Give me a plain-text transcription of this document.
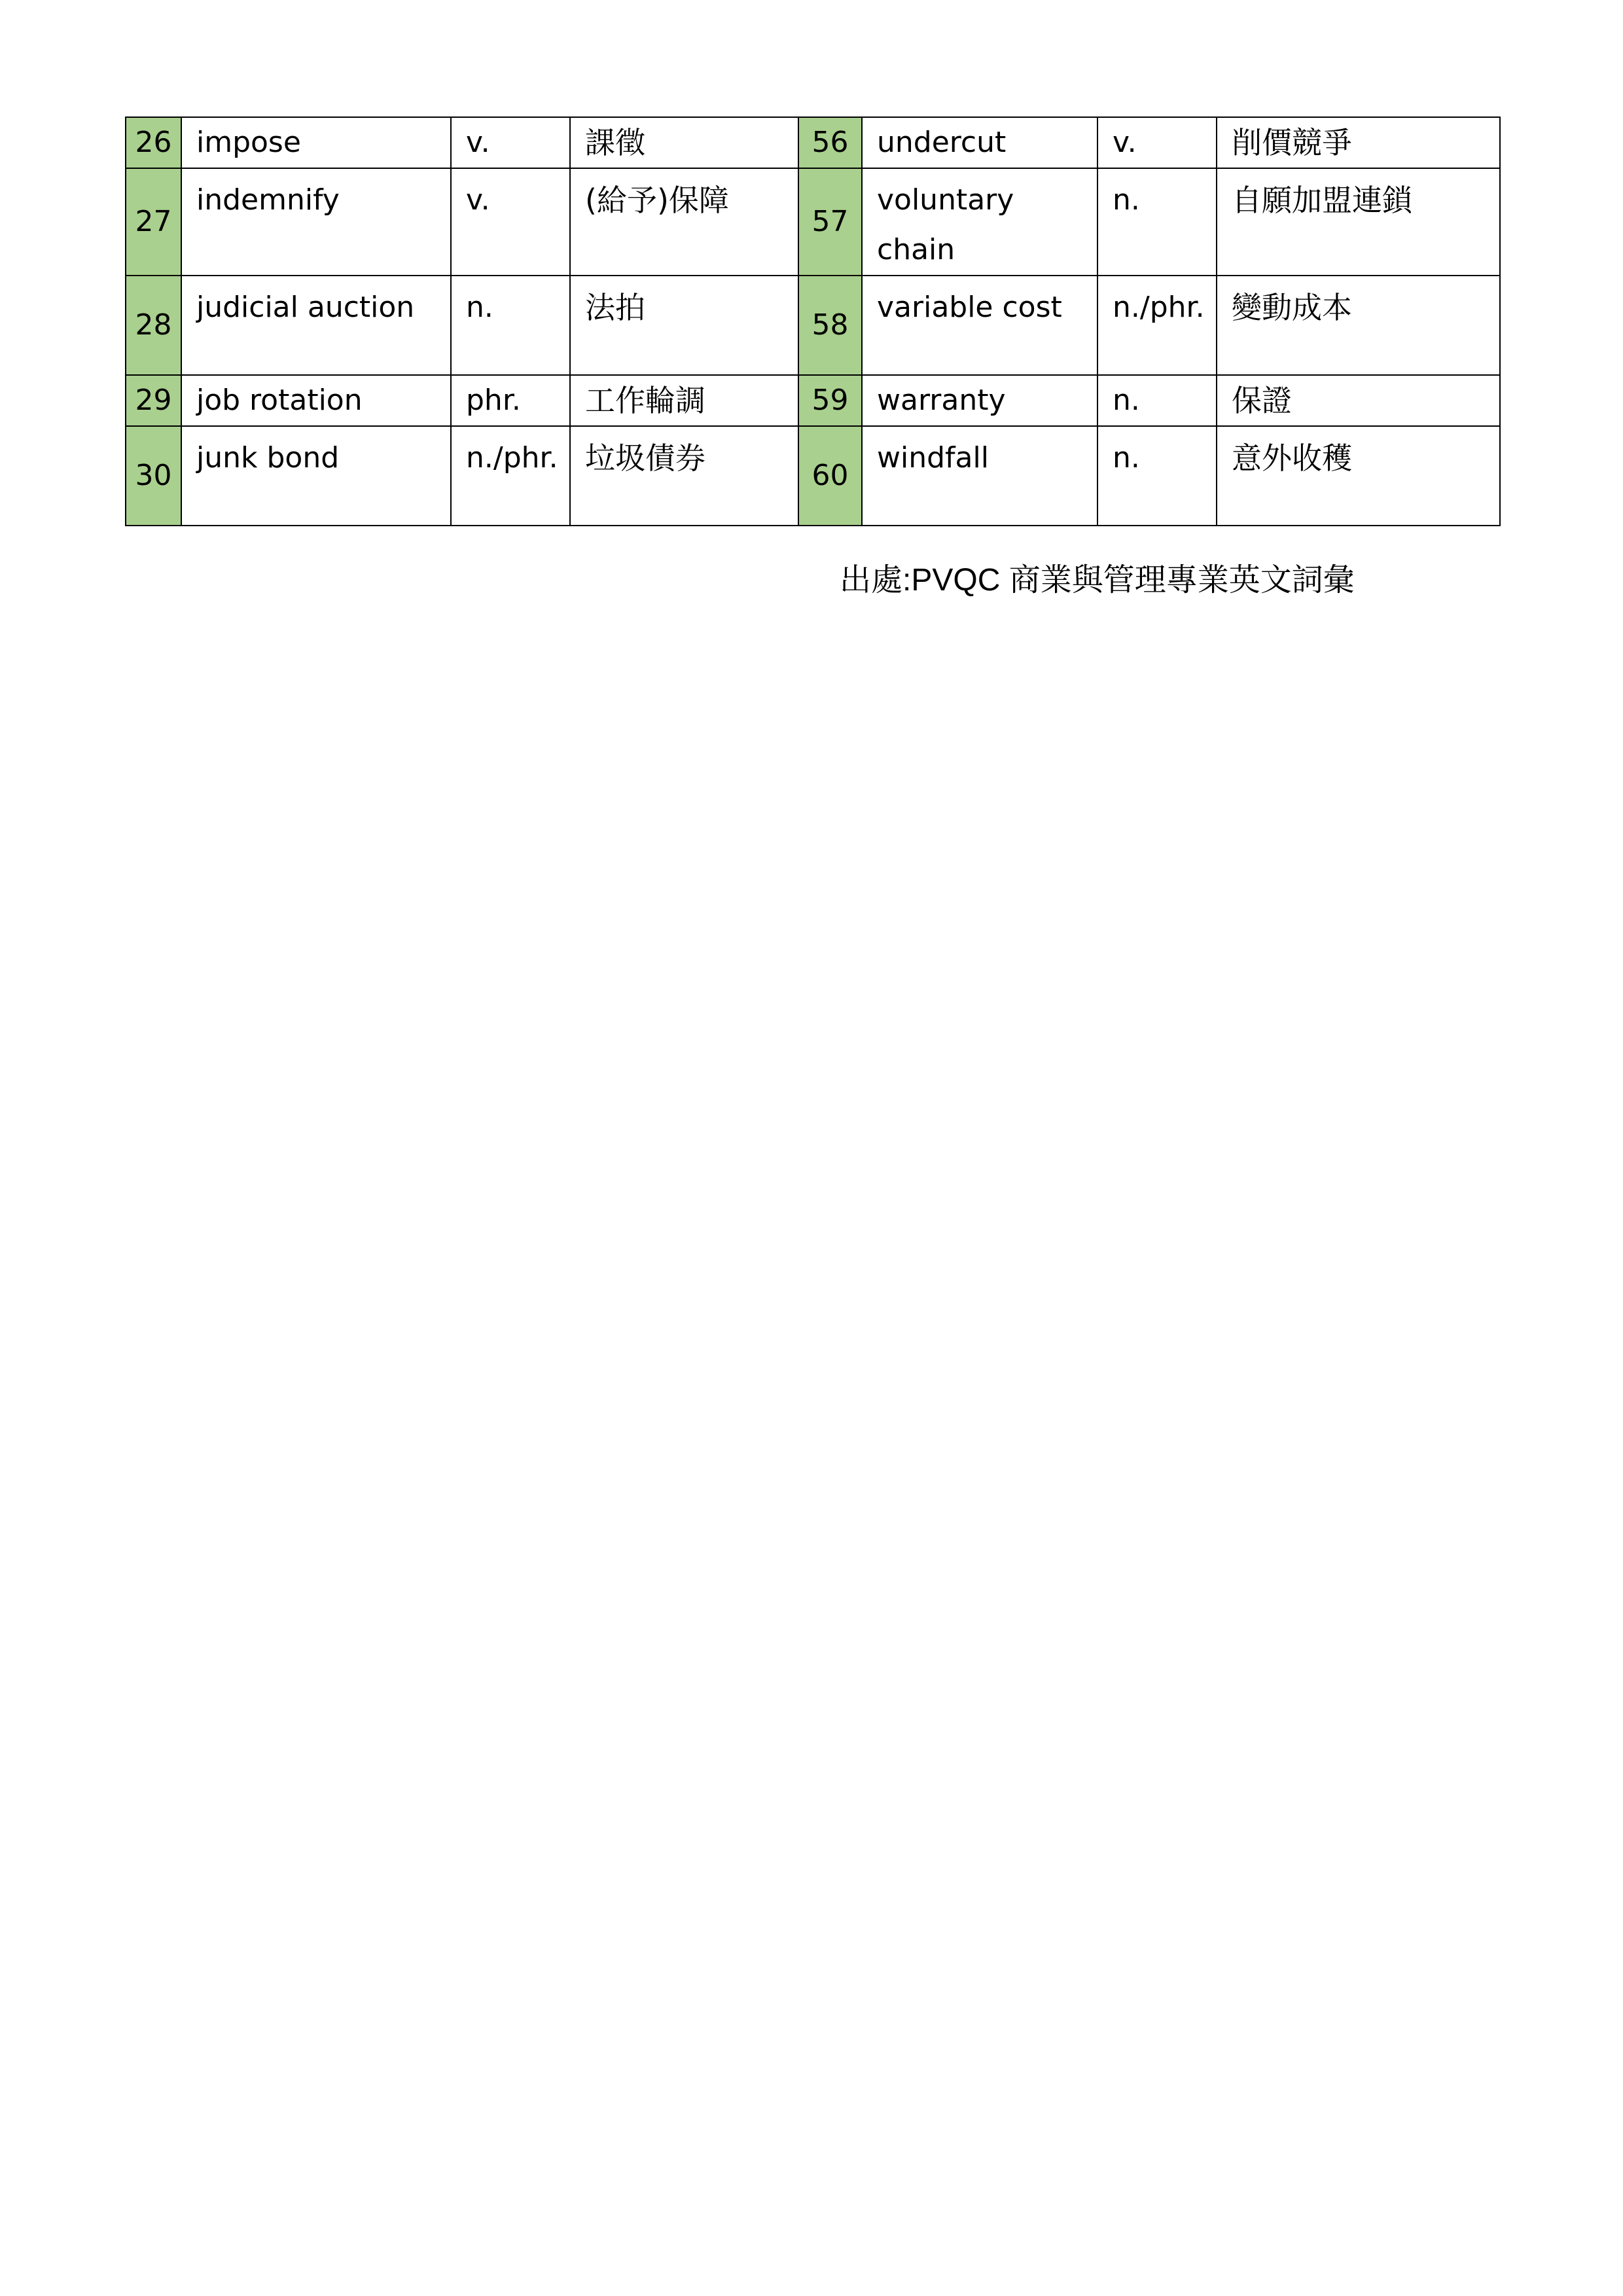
26	impose	v.	課徵	56	undercut	v.	削價競爭
27	indemnify	v.	(給予)保障	57	voluntary chain	n.	自願加盟連鎖
28	judicial auction	n.	法拍	58	variable cost	n./phr.	變動成本
29	job rotation	phr.	工作輪調	59	warranty	n.	保證
30	junk bond	n./phr.	垃圾債券	60	windfall	n.	意外收穫
出處:PVQC 商業與管理專業英文詞彙
